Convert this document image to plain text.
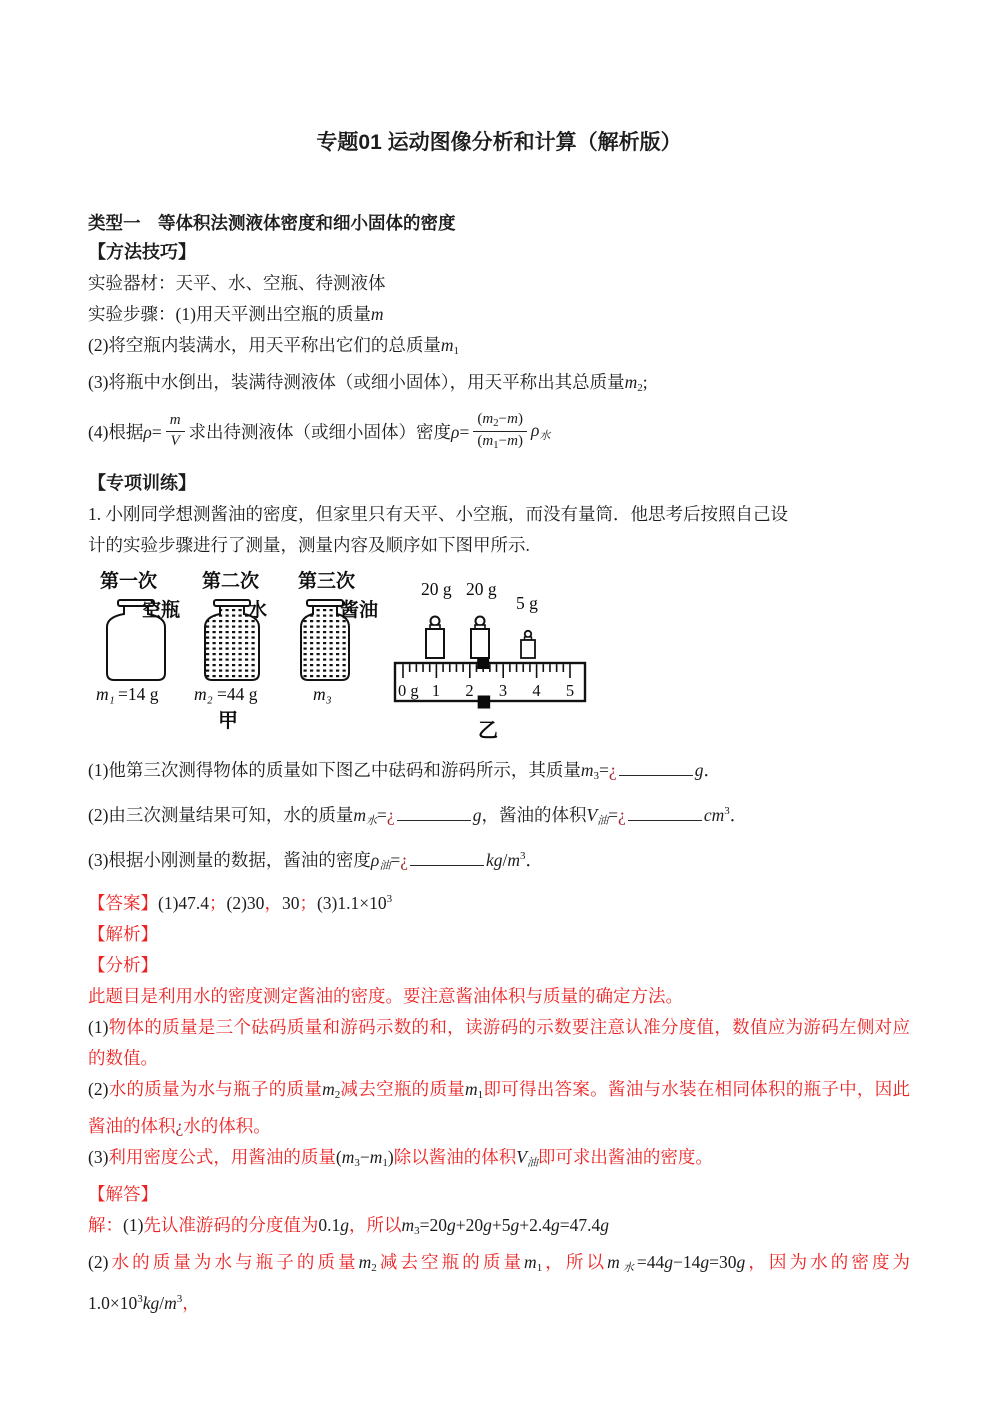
专题01 运动图像分析和计算（解析版）
类型一　等体积法测液体密度和细小固体的密度
【方法技巧】
实验器材：天平、水、空瓶、待测液体
实验步骤：(1)用天平测出空瓶的质量m
(2)将空瓶内装满水，用天平称出它们的总质量$m_1$
(3)将瓶中水倒出，装满待测液体（或细小固体），用天平称出其总质量$m_2$;
(4)根据$\rho= \frac{m}{V}$ 求出待测液体（或细小固体）密度$\rho= \frac{(m_2-m)}{(m_1-m)}$ ρ水
【专项训练】
1. 小刚同学想测酱油的密度，但家里只有天平、小空瓶，而没有量筒．他思考后按照自己设
计的实验步骤进行了测量，测量内容及顺序如下图甲所示.
第一次
空瓶
m₁ =14 g
第二次
水
m₂ =44 g
第三次
酱油
m₃
甲
20 g 20 g
5 g
0 g 1 2 3 4 5
乙
(1)他第三次测得物体的质量如下图乙中砝码和游码所示，其质量$m_3=¿$	g．
(2)由三次测量结果可知，水的质量m水=¿	g，酱油的体积V油=¿	$cm^3$．
(3)根据小刚测量的数据，酱油的密度ρ油=¿	$kg/m^3$．
【答案】(1)47.4；(2)30，30；$(3)1.1\times 10^3$
【解析】
【分析】
此题目是利用水的密度测定酱油的密度。要注意酱油体积与质量的确定方法。
(1)物体的质量是三个砝码质量和游码示数的和，读游码的示数要注意认准分度值，数值应为游码左侧对应的数值。
(2)水的质量为水与瓶子的质量$m_2$减去空瓶的质量$m_1$即可得出答案。酱油与水装在相同体积的瓶子中，因此酱油的体积¿水的体积。
(3)利用密度公式，用酱油的质量$(m_3-m_1)$除以酱油的体积V油即可求出酱油的密度。
【解答】
解：(1)先认准游码的分度值为0.1g，所以$m_3=20g+20g+5g+2.4g=47.4g$
(2)水的质量为水与瓶子的质量$m_2$减去空瓶的质量$m_1$，所以m水=44g−14g=30g，因为水的密度为$1.0\times 10^3kg/m^3$，
